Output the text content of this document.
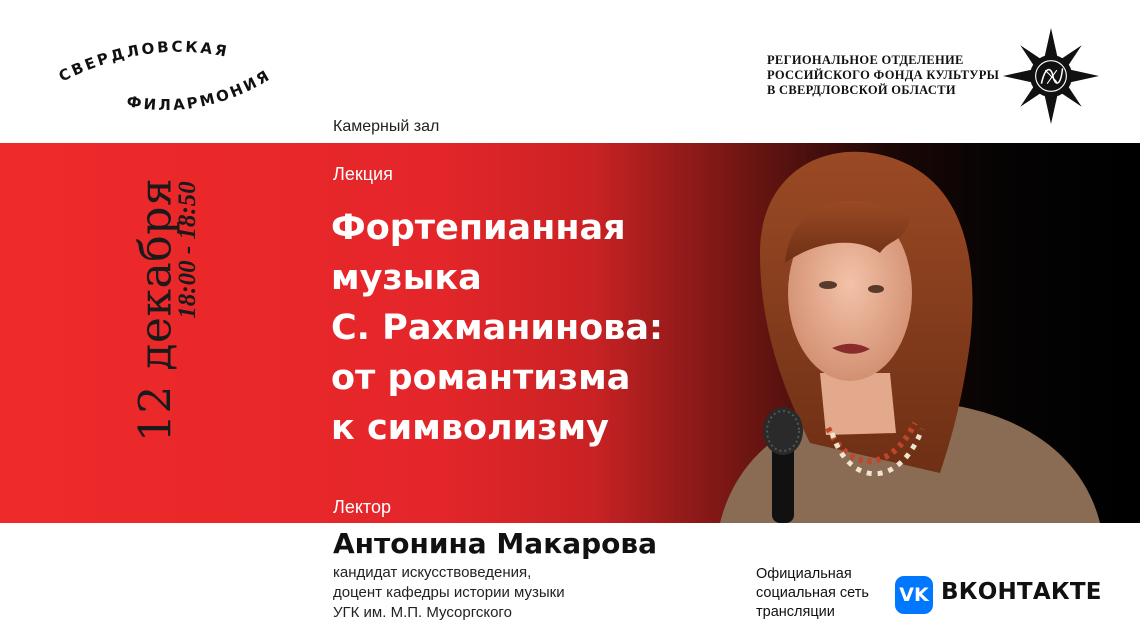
СВЕРДЛОВСКАЯ
ФИЛАРМОНИЯ
РЕГИОНАЛЬНОЕ ОТДЕЛЕНИЕ
РОССИЙСКОГО ФОНДА КУЛЬТУРЫ
В СВЕРДЛОВСКОЙ ОБЛАСТИ
Камерный зал
12 декабря
18:00 - 18:50
Лекция
Фортепианная
музыка
С. Рахманинова:
от романтизма
к символизму
Лектор
Антонина Макарова
кандидат искусствоведения,
доцент кафедры истории музыки
УГК им. М.П. Мусоргского
Официальная
социальная сеть
трансляции
VK ВКОНТАКТЕ
